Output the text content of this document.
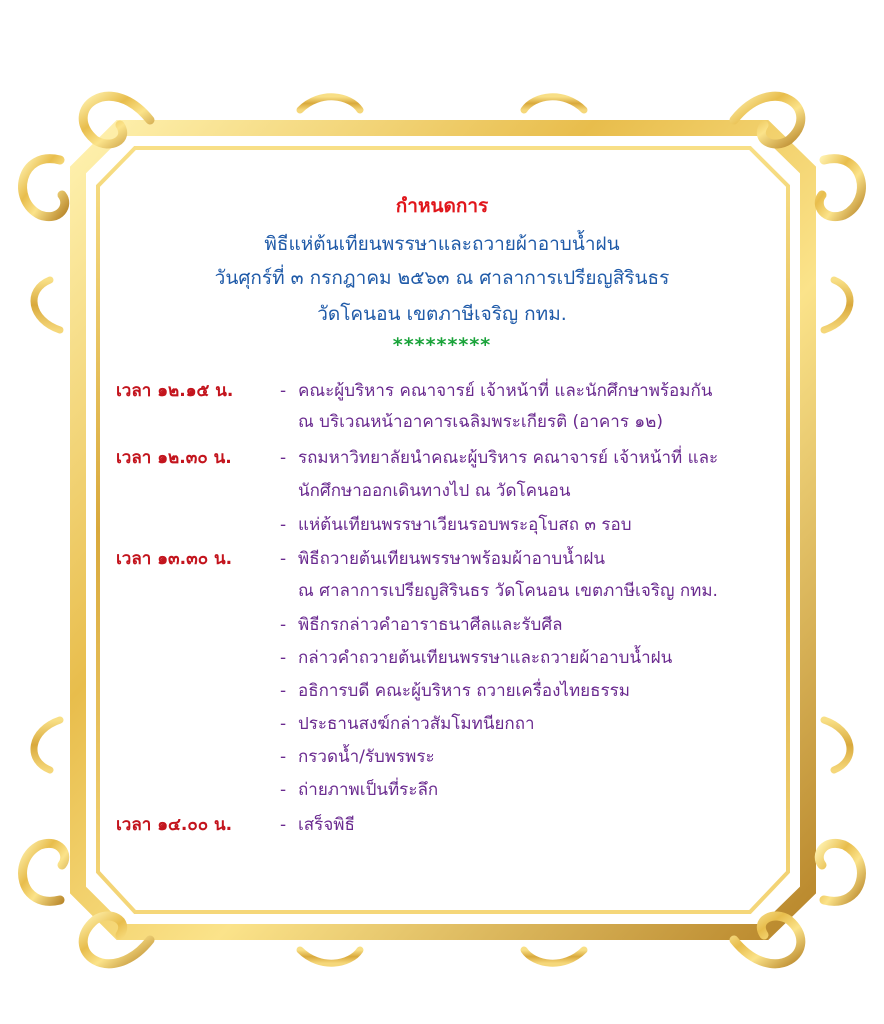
กำหนดการ
พิธีแห่ต้นเทียนพรรษาและถวายผ้าอาบน้ำฝน
วันศุกร์ที่ ๓ กรกฎาคม ๒๕๖๓ ณ ศาลาการเปรียญสิรินธร
วัดโคนอน เขตภาษีเจริญ กทม.
*********
เวลา ๑๒.๑๕ น.	- คณะผู้บริหาร คณาจารย์ เจ้าหน้าที่ และนักศึกษาพร้อมกัน
ณ บริเวณหน้าอาคารเฉลิมพระเกียรติ (อาคาร ๑๒)
เวลา ๑๒.๓๐ น.	- รถมหาวิทยาลัยนำคณะผู้บริหาร คณาจารย์ เจ้าหน้าที่ และ
นักศึกษาออกเดินทางไป ณ วัดโคนอน
- แห่ต้นเทียนพรรษาเวียนรอบพระอุโบสถ ๓ รอบ
เวลา ๑๓.๓๐ น.	- พิธีถวายต้นเทียนพรรษาพร้อมผ้าอาบน้ำฝน
ณ ศาลาการเปรียญสิรินธร วัดโคนอน เขตภาษีเจริญ กทม.
- พิธีกรกล่าวคำอาราธนาศีลและรับศีล
- กล่าวคำถวายต้นเทียนพรรษาและถวายผ้าอาบน้ำฝน
- อธิการบดี คณะผู้บริหาร ถวายเครื่องไทยธรรม
- ประธานสงฆ์กล่าวสัมโมทนียกถา
- กรวดน้ำ/รับพรพระ
- ถ่ายภาพเป็นที่ระลึก
เวลา ๑๔.๐๐ น.	- เสร็จพิธี
